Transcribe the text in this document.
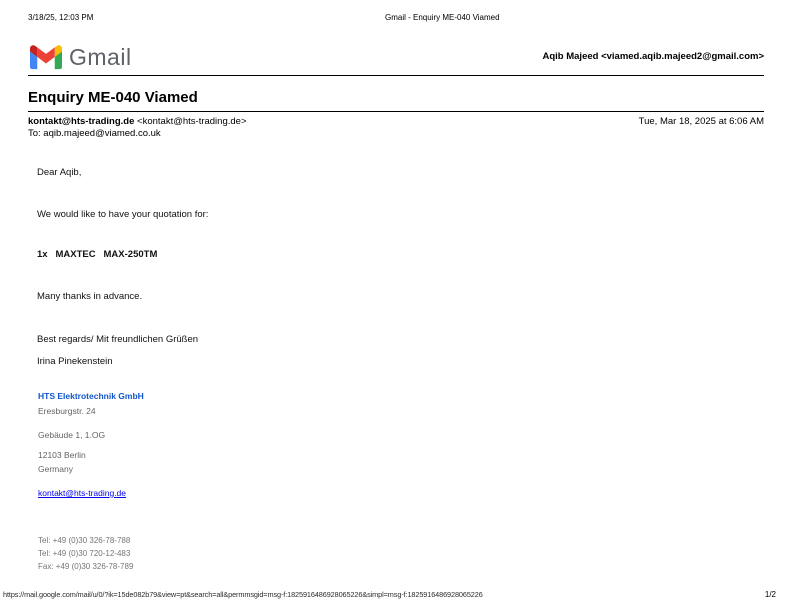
3/18/25, 12:03 PM	Gmail - Enquiry ME-040 Viamed
Gmail	Aqib Majeed <viamed.aqib.majeed2@gmail.com>
Enquiry ME-040 Viamed
kontakt@hts-trading.de <kontakt@hts-trading.de>	Tue, Mar 18, 2025 at 6:06 AM
To: aqib.majeed@viamed.co.uk
Dear Aqib,
We would like to have your quotation for:
1x   MAXTEC   MAX-250TM
Many thanks in advance.
Best regards/ Mit freundlichen Grüßen
Irina Pinekenstein
HTS Elektrotechnik GmbH
Eresburgstr. 24
Gebäude 1, 1.OG
12103 Berlin
Germany
kontakt@hts-trading.de
Tel: +49 (0)30 326-78-788
Tel: +49 (0)30 720-12-483
Fax: +49 (0)30 326-78-789
https://mail.google.com/mail/u/0/?ik=15de082b79&view=pt&search=all&permmsgid=msg-f:1825916486928065226&simpl=msg-f:1825916486928065226	1/2
